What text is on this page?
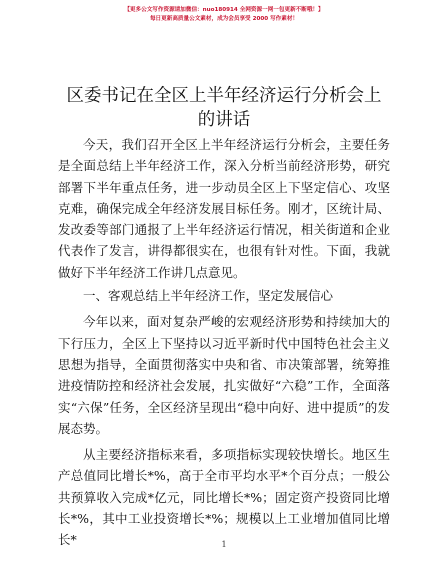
【更多公文写作资源请加微信：nuo180914 全网资源一网一包更新不断哦！】
每日更新高质量公文素材，成为会员享受 2000 写作素材！
区委书记在全区上半年经济运行分析会上的讲话

今天，我们召开全区上半年经济运行分析会，主要任务是全面总结上半年经济工作，深入分析当前经济形势，研究部署下半年重点任务，进一步动员全区上下坚定信心、攻坚克难，确保完成全年经济发展目标任务。刚才，区统计局、发改委等部门通报了上半年经济运行情况，相关街道和企业代表作了发言，讲得都很实在，也很有针对性。下面，我就做好下半年经济工作讲几点意见。

一、客观总结上半年经济工作，坚定发展信心

今年以来，面对复杂严峻的宏观经济形势和持续加大的下行压力，全区上下坚持以习近平新时代中国特色社会主义思想为指导，全面贯彻落实中央和省、市决策部署，统筹推进疫情防控和经济社会发展，扎实做好“六稳”工作，全面落实“六保”任务，全区经济呈现出“稳中向好、进中提质”的发展态势。

从主要经济指标来看，多项指标实现较快增长。地区生产总值同比增长*%，高于全市平均水平*个百分点；一般公共预算收入完成*亿元，同比增长*%；固定资产投资同比增长*%，其中工业投资增长*%；规模以上工业增加值同比增长*	1
